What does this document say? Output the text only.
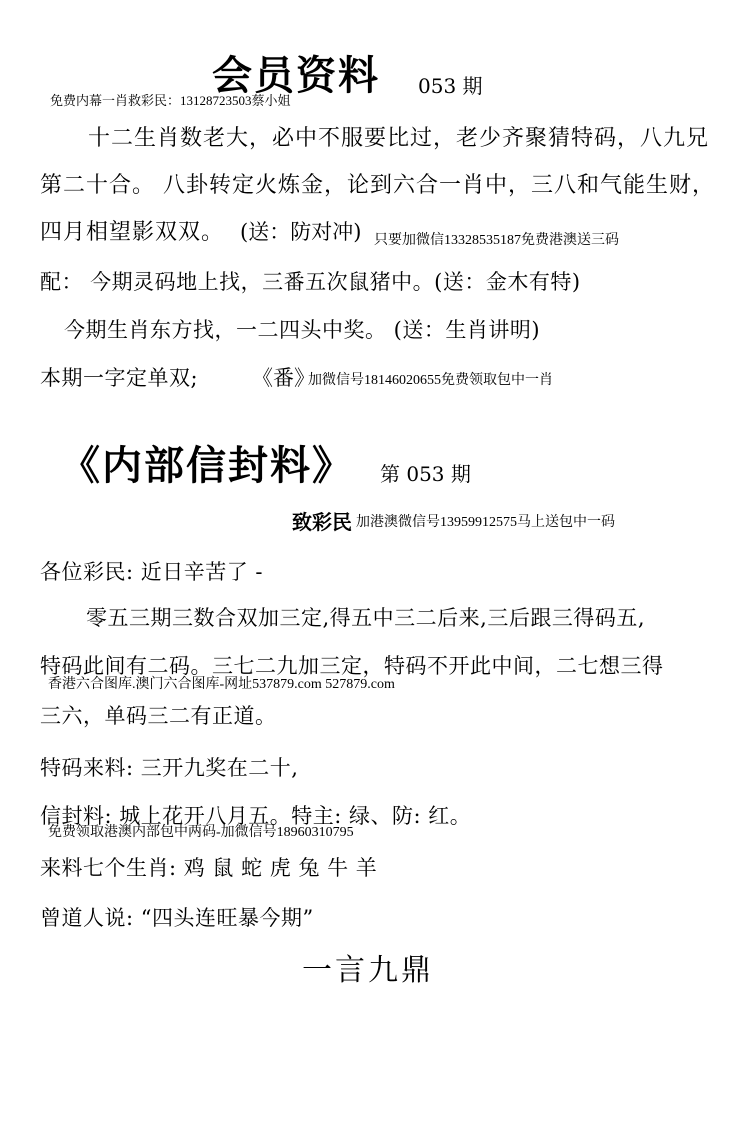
会员资料 053 期
免费内幕一肖救彩民：13128723503蔡小姐
十二生肖数老大，必中不服要比过，老少齐聚猜特码，八九兄
第二十合。 八卦转定火炼金，论到六合一肖中，三八和气能生财，
四月相望影双双。 (送：防对冲) 只要加微信13328535187免费港澳送三码
配： 今期灵码地上找，三番五次鼠猪中。(送：金木有特)
今期生肖东方找，一二四头中奖。 (送：生肖讲明)
本期一字定单双;	《番》
加微信号18146020655免费领取包中一肖
《内部信封料》 第 053 期
致彩民 加港澳微信号13959912575马上送包中一码
各位彩民: 近日辛苦了 -
零五三期三数合双加三定,得五中三二后来,三后跟三得码五,
特码此间有二码。三七二九加三定，特码不开此中间，二七想三得
香港六合图库.澳门六合图库-网址537879.com 527879.com
三六，单码三二有正道。
特码来料: 三开九奖在二十,
信封料: 城上花开八月五。特主: 绿、防: 红。
免费领取港澳内部包中两码-加微信号18960310795
来料七个生肖: 鸡 鼠 蛇 虎 兔 牛 羊
曾道人说: “四头连旺暴今期”
一言九鼎
